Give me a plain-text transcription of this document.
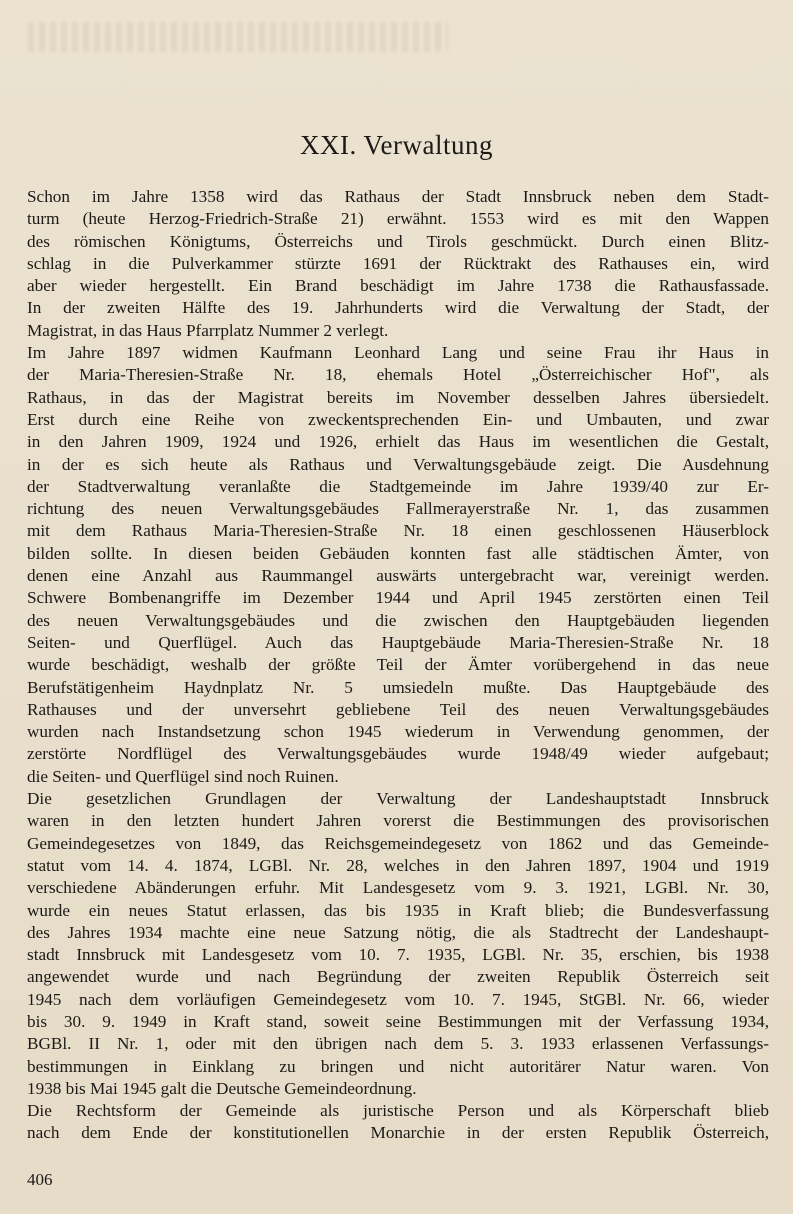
XXI. Verwaltung
Schon im Jahre 1358 wird das Rathaus der Stadt Innsbruck neben dem Stadt-
turm (heute Herzog-Friedrich-Straße 21) erwähnt. 1553 wird es mit den Wappen
des römischen Königtums, Österreichs und Tirols geschmückt. Durch einen Blitz-
schlag in die Pulverkammer stürzte 1691 der Rücktrakt des Rathauses ein, wird
aber wieder hergestellt. Ein Brand beschädigt im Jahre 1738 die Rathausfassade.
In der zweiten Hälfte des 19. Jahrhunderts wird die Verwaltung der Stadt, der
Magistrat, in das Haus Pfarrplatz Nummer 2 verlegt.
Im Jahre 1897 widmen Kaufmann Leonhard Lang und seine Frau ihr Haus in
der Maria-Theresien-Straße Nr. 18, ehemals Hotel „Österreichischer Hof", als
Rathaus, in das der Magistrat bereits im November desselben Jahres übersiedelt.
Erst durch eine Reihe von zweckentsprechenden Ein- und Umbauten, und zwar
in den Jahren 1909, 1924 und 1926, erhielt das Haus im wesentlichen die Gestalt,
in der es sich heute als Rathaus und Verwaltungsgebäude zeigt. Die Ausdehnung
der Stadtverwaltung veranlaßte die Stadtgemeinde im Jahre 1939/40 zur Er-
richtung des neuen Verwaltungsgebäudes Fallmerayerstraße Nr. 1, das zusammen
mit dem Rathaus Maria-Theresien-Straße Nr. 18 einen geschlossenen Häuserblock
bilden sollte. In diesen beiden Gebäuden konnten fast alle städtischen Ämter, von
denen eine Anzahl aus Raummangel auswärts untergebracht war, vereinigt werden.
Schwere Bombenangriffe im Dezember 1944 und April 1945 zerstörten einen Teil
des neuen Verwaltungsgebäudes und die zwischen den Hauptgebäuden liegenden
Seiten- und Querflügel. Auch das Hauptgebäude Maria-Theresien-Straße Nr. 18
wurde beschädigt, weshalb der größte Teil der Ämter vorübergehend in das neue
Berufstätigenheim Haydnplatz Nr. 5 umsiedeln mußte. Das Hauptgebäude des
Rathauses und der unversehrt gebliebene Teil des neuen Verwaltungsgebäudes
wurden nach Instandsetzung schon 1945 wiederum in Verwendung genommen, der
zerstörte Nordflügel des Verwaltungsgebäudes wurde 1948/49 wieder aufgebaut;
die Seiten- und Querflügel sind noch Ruinen.
Die gesetzlichen Grundlagen der Verwaltung der Landeshauptstadt Innsbruck
waren in den letzten hundert Jahren vorerst die Bestimmungen des provisorischen
Gemeindegesetzes von 1849, das Reichsgemeindegesetz von 1862 und das Gemeinde-
statut vom 14. 4. 1874, LGBl. Nr. 28, welches in den Jahren 1897, 1904 und 1919
verschiedene Abänderungen erfuhr. Mit Landesgesetz vom 9. 3. 1921, LGBl. Nr. 30,
wurde ein neues Statut erlassen, das bis 1935 in Kraft blieb; die Bundesverfassung
des Jahres 1934 machte eine neue Satzung nötig, die als Stadtrecht der Landeshaupt-
stadt Innsbruck mit Landesgesetz vom 10. 7. 1935, LGBl. Nr. 35, erschien, bis 1938
angewendet wurde und nach Begründung der zweiten Republik Österreich seit
1945 nach dem vorläufigen Gemeindegesetz vom 10. 7. 1945, StGBl. Nr. 66, wieder
bis 30. 9. 1949 in Kraft stand, soweit seine Bestimmungen mit der Verfassung 1934,
BGBl. II Nr. 1, oder mit den übrigen nach dem 5. 3. 1933 erlassenen Verfassungs-
bestimmungen in Einklang zu bringen und nicht autoritärer Natur waren. Von
1938 bis Mai 1945 galt die Deutsche Gemeindeordnung.
Die Rechtsform der Gemeinde als juristische Person und als Körperschaft blieb
nach dem Ende der konstitutionellen Monarchie in der ersten Republik Österreich,
406
